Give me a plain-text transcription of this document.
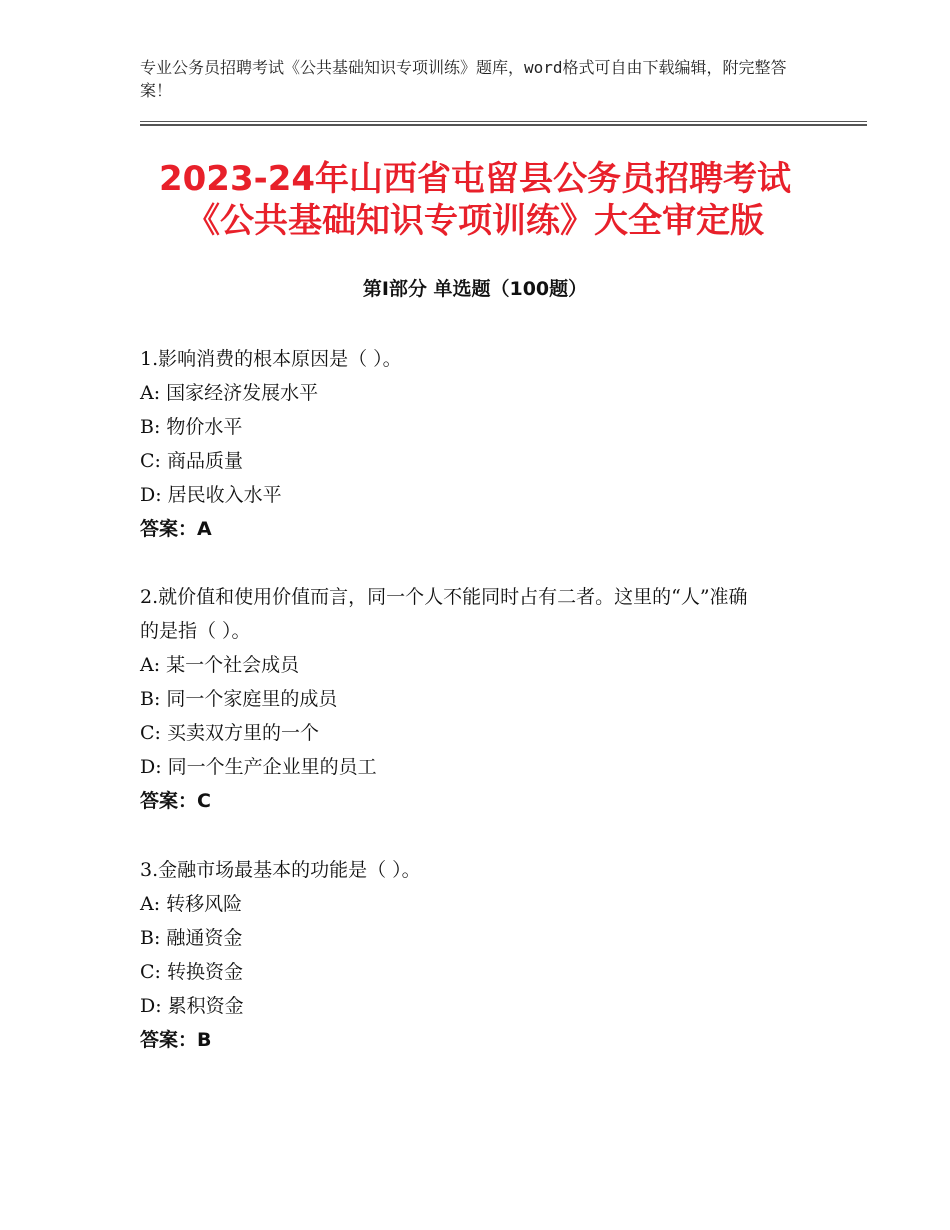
专业公务员招聘考试《公共基础知识专项训练》题库，word格式可自由下载编辑，附完整答案！
2023-24年山西省屯留县公务员招聘考试
《公共基础知识专项训练》大全审定版
第Ⅰ部分 单选题（100题）
1.影响消费的根本原因是（ ）。
A: 国家经济发展水平
B: 物价水平
C: 商品质量
D: 居民收入水平
答案：A
2.就价值和使用价值而言，同一个人不能同时占有二者。这里的“人”准确的是指（ ）。
A: 某一个社会成员
B: 同一个家庭里的成员
C: 买卖双方里的一个
D: 同一个生产企业里的员工
答案：C
3.金融市场最基本的功能是（ ）。
A: 转移风险
B: 融通资金
C: 转换资金
D: 累积资金
答案：B
